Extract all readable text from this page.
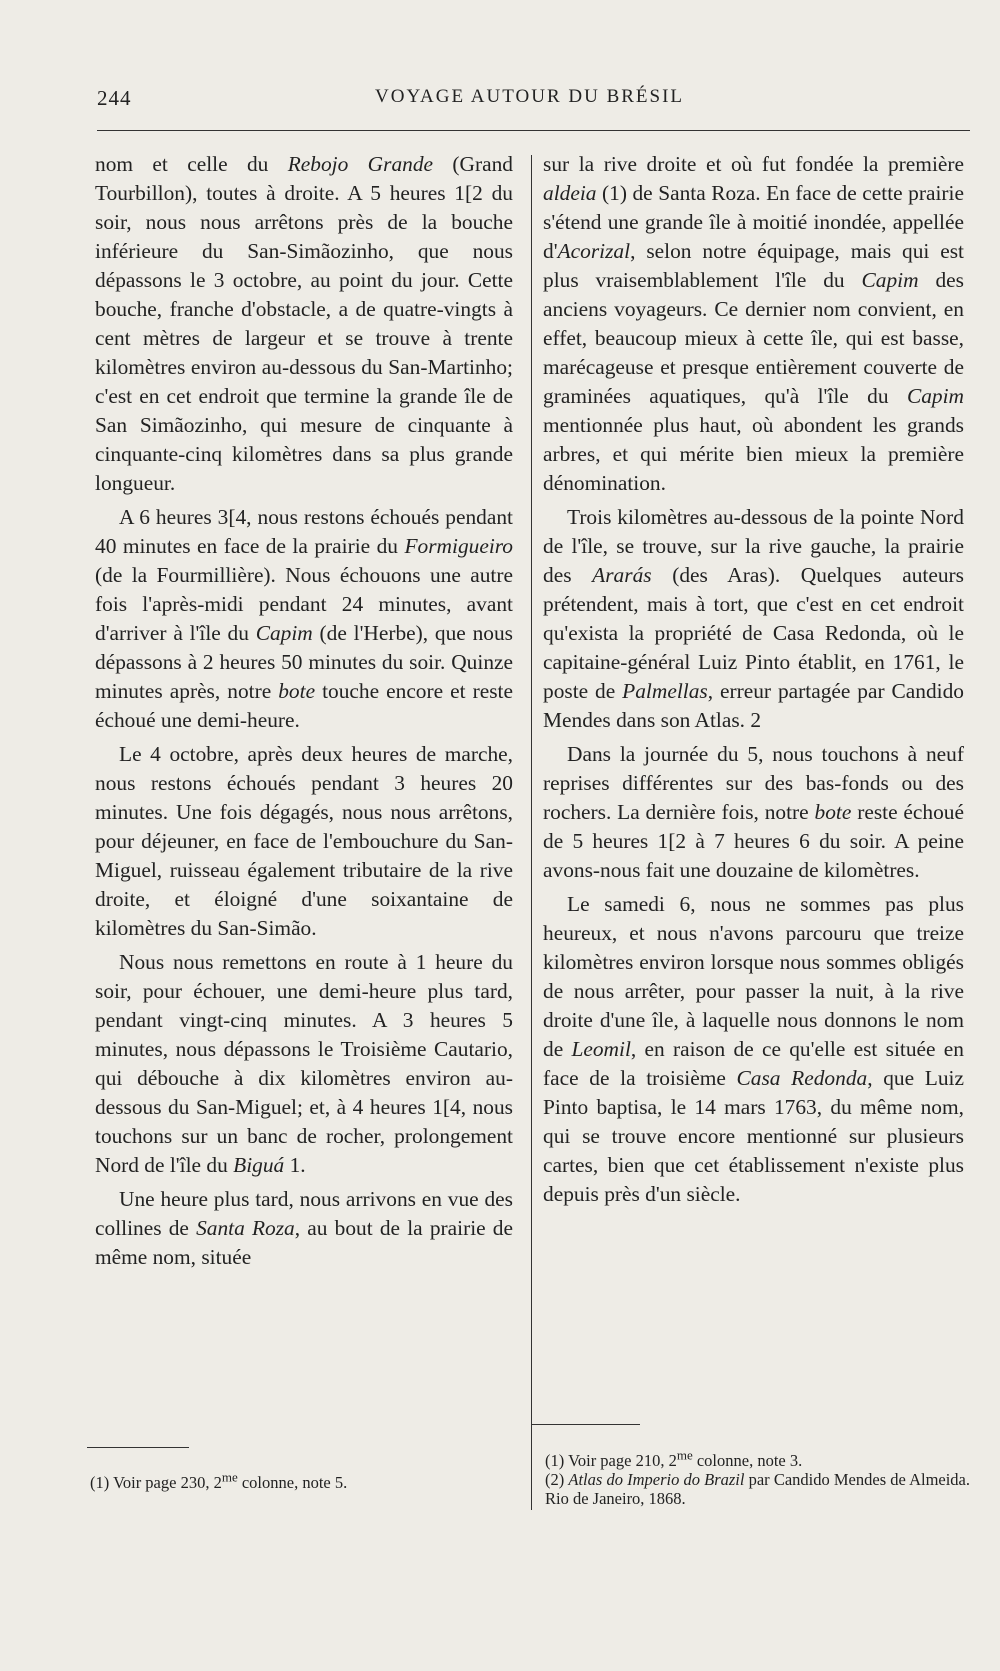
244	VOYAGE AUTOUR DU BRÉSIL

nom et celle du Rebojo Grande (Grand Tourbillon), toutes à droite. A 5 heures 1[2 du soir, nous nous arrêtons près de la bouche inférieure du San-Simãozinho, que nous dépassons le 3 octobre, au point du jour. Cette bouche, franche d'obstacle, a de quatre-vingts à cent mètres de largeur et se trouve à trente kilomètres environ au-dessous du San-Martinho; c'est en cet endroit que termine la grande île de San Simãozinho, qui mesure de cinquante à cinquante-cinq kilomètres dans sa plus grande longueur.

A 6 heures 3[4, nous restons échoués pendant 40 minutes en face de la prairie du Formigueiro (de la Fourmillière). Nous échouons une autre fois l'après-midi pendant 24 minutes, avant d'arriver à l'île du Capim (de l'Herbe), que nous dépassons à 2 heures 50 minutes du soir. Quinze minutes après, notre bote touche encore et reste échoué une demi-heure.

Le 4 octobre, après deux heures de marche, nous restons échoués pendant 3 heures 20 minutes. Une fois dégagés, nous nous arrêtons, pour déjeuner, en face de l'embouchure du San-Miguel, ruisseau également tributaire de la rive droite, et éloigné d'une soixantaine de kilomètres du San-Simão.

Nous nous remettons en route à 1 heure du soir, pour échouer, une demi-heure plus tard, pendant vingt-cinq minutes. A 3 heures 5 minutes, nous dépassons le Troisième Cautario, qui débouche à dix kilomètres environ au-dessous du San-Miguel; et, à 4 heures 1[4, nous touchons sur un banc de rocher, prolongement Nord de l'île du Biguá 1.

Une heure plus tard, nous arrivons en vue des collines de Santa Roza, au bout de la prairie de même nom, située

sur la rive droite et où fut fondée la première aldeia (1) de Santa Roza. En face de cette prairie s'étend une grande île à moitié inondée, appellée d'Acorizal, selon notre équipage, mais qui est plus vraisemblablement l'île du Capim des anciens voyageurs. Ce dernier nom convient, en effet, beaucoup mieux à cette île, qui est basse, marécageuse et presque entièrement couverte de graminées aquatiques, qu'à l'île du Capim mentionnée plus haut, où abondent les grands arbres, et qui mérite bien mieux la première dénomination.

Trois kilomètres au-dessous de la pointe Nord de l'île, se trouve, sur la rive gauche, la prairie des Ararás (des Aras). Quelques auteurs prétendent, mais à tort, que c'est en cet endroit qu'exista la propriété de Casa Redonda, où le capitaine-général Luiz Pinto établit, en 1761, le poste de Palmellas, erreur partagée par Candido Mendes dans son Atlas. 2

Dans la journée du 5, nous touchons à neuf reprises différentes sur des bas-fonds ou des rochers. La dernière fois, notre bote reste échoué de 5 heures 1[2 à 7 heures 6 du soir. A peine avons-nous fait une douzaine de kilomètres.

Le samedi 6, nous ne sommes pas plus heureux, et nous n'avons parcouru que treize kilomètres environ lorsque nous sommes obligés de nous arrêter, pour passer la nuit, à la rive droite d'une île, à laquelle nous donnons le nom de Leomil, en raison de ce qu'elle est située en face de la troisième Casa Redonda, que Luiz Pinto baptisa, le 14 mars 1763, du même nom, qui se trouve encore mentionné sur plusieurs cartes, bien que cet établissement n'existe plus depuis près d'un siècle.

(1) Voir page 230, $2^{me}$ colonne, note 5.
(1) Voir page 210, $2^{me}$ colonne, note 3.
(2) Atlas do Imperio do Brazil par Candido Mendes de Almeida. Rio de Janeiro, 1868.
